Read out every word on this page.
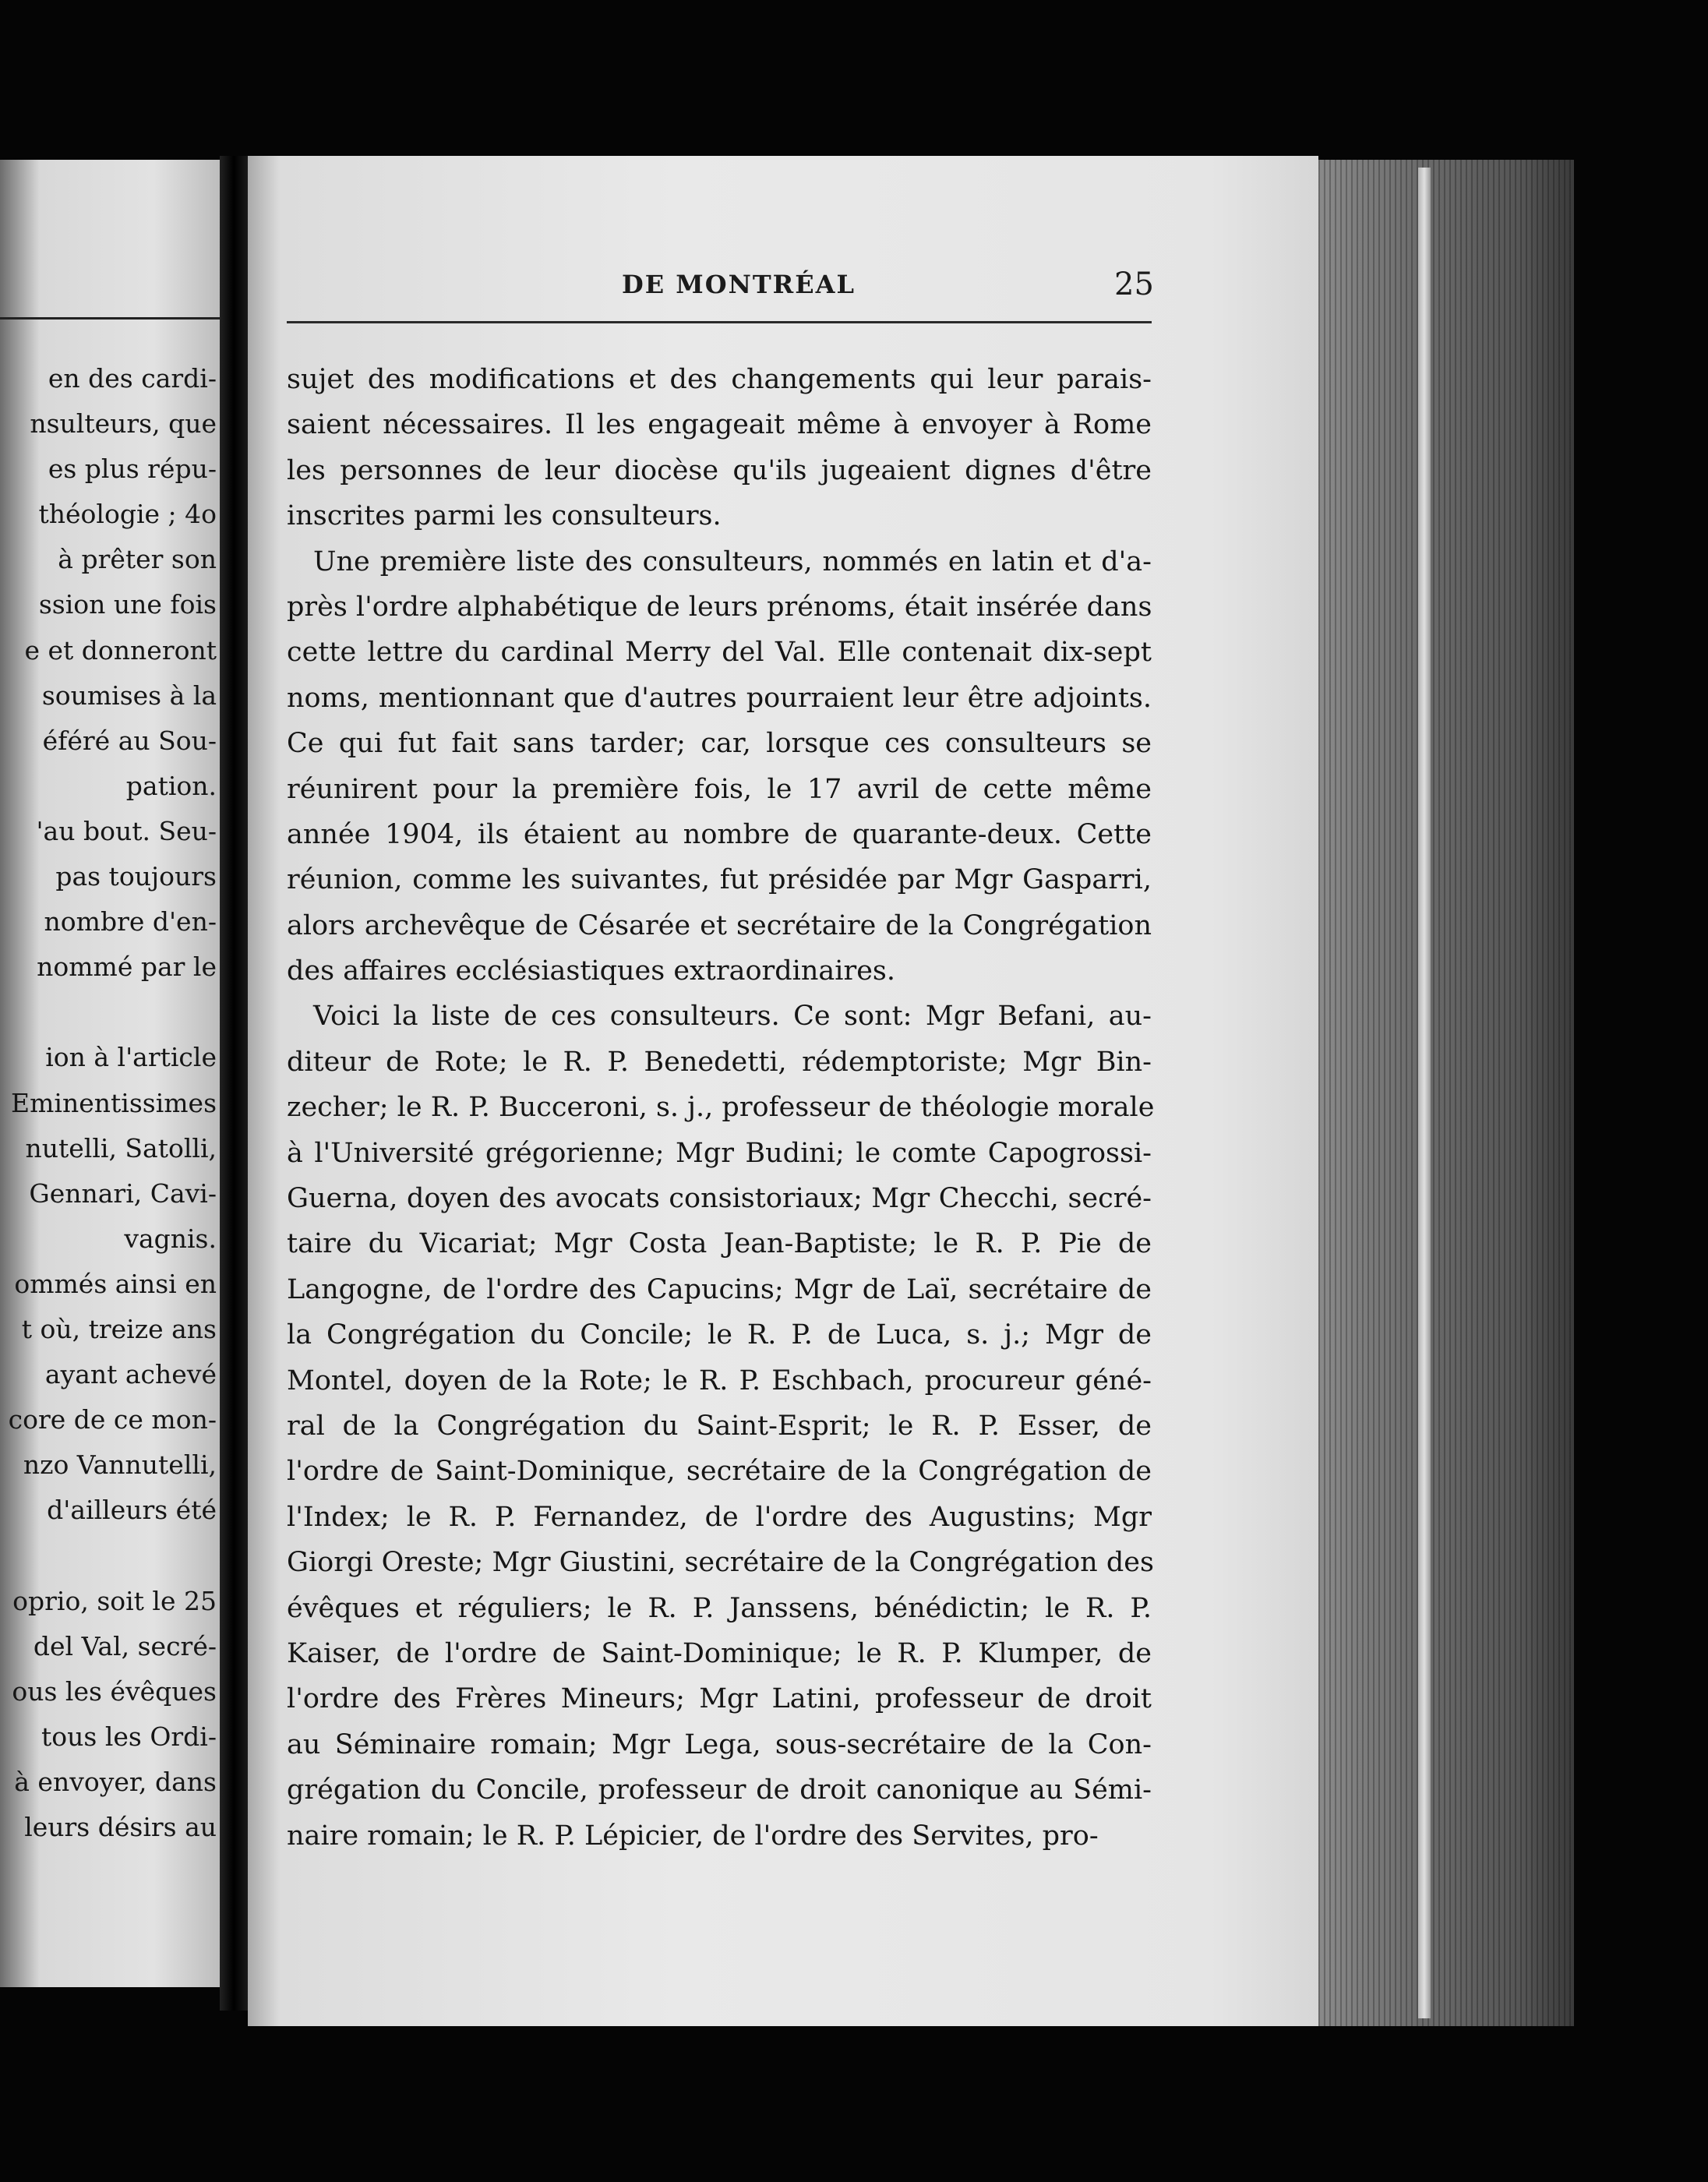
en des cardi-
nsulteurs, que
es plus répu-
théologie ; 4o
à prêter son
ssion une fois
e et donneront
soumises à la
éféré au Sou-
pation.
'au bout. Seu-
pas toujours
nombre d'en-
nommé par le
ion à l'article
Eminentissimes
nutelli, Satolli,
Gennari, Cavi-
vagnis.
ommés ainsi en
t où, treize ans
ayant achevé
core de ce mon-
nzo Vannutelli,
d'ailleurs été
oprio, soit le 25
del Val, secré-
ous les évêques
tous les Ordi-
à envoyer, dans
leurs désirs au
DE MONTRÉAL	25
sujet des modifications et des changements qui leur parais-
saient nécessaires. Il les engageait même à envoyer à Rome
les personnes de leur diocèse qu'ils jugeaient dignes d'être
inscrites parmi les consulteurs.
Une première liste des consulteurs, nommés en latin et d'a-
près l'ordre alphabétique de leurs prénoms, était insérée dans
cette lettre du cardinal Merry del Val. Elle contenait dix-sept
noms, mentionnant que d'autres pourraient leur être adjoints.
Ce qui fut fait sans tarder; car, lorsque ces consulteurs se
réunirent pour la première fois, le 17 avril de cette même
année 1904, ils étaient au nombre de quarante-deux. Cette
réunion, comme les suivantes, fut présidée par Mgr Gasparri,
alors archevêque de Césarée et secrétaire de la Congrégation
des affaires ecclésiastiques extraordinaires.
Voici la liste de ces consulteurs. Ce sont: Mgr Befani, au-
diteur de Rote; le R. P. Benedetti, rédemptoriste; Mgr Bin-
zecher; le R. P. Bucceroni, s. j., professeur de théologie morale
à l'Université grégorienne; Mgr Budini; le comte Capogrossi-
Guerna, doyen des avocats consistoriaux; Mgr Checchi, secré-
taire du Vicariat; Mgr Costa Jean-Baptiste; le R. P. Pie de
Langogne, de l'ordre des Capucins; Mgr de Laï, secrétaire de
la Congrégation du Concile; le R. P. de Luca, s. j.; Mgr de
Montel, doyen de la Rote; le R. P. Eschbach, procureur géné-
ral de la Congrégation du Saint-Esprit; le R. P. Esser, de
l'ordre de Saint-Dominique, secrétaire de la Congrégation de
l'Index; le R. P. Fernandez, de l'ordre des Augustins; Mgr
Giorgi Oreste; Mgr Giustini, secrétaire de la Congrégation des
évêques et réguliers; le R. P. Janssens, bénédictin; le R. P.
Kaiser, de l'ordre de Saint-Dominique; le R. P. Klumper, de
l'ordre des Frères Mineurs; Mgr Latini, professeur de droit
au Séminaire romain; Mgr Lega, sous-secrétaire de la Con-
grégation du Concile, professeur de droit canonique au Sémi-
naire romain; le R. P. Lépicier, de l'ordre des Servites, pro-
